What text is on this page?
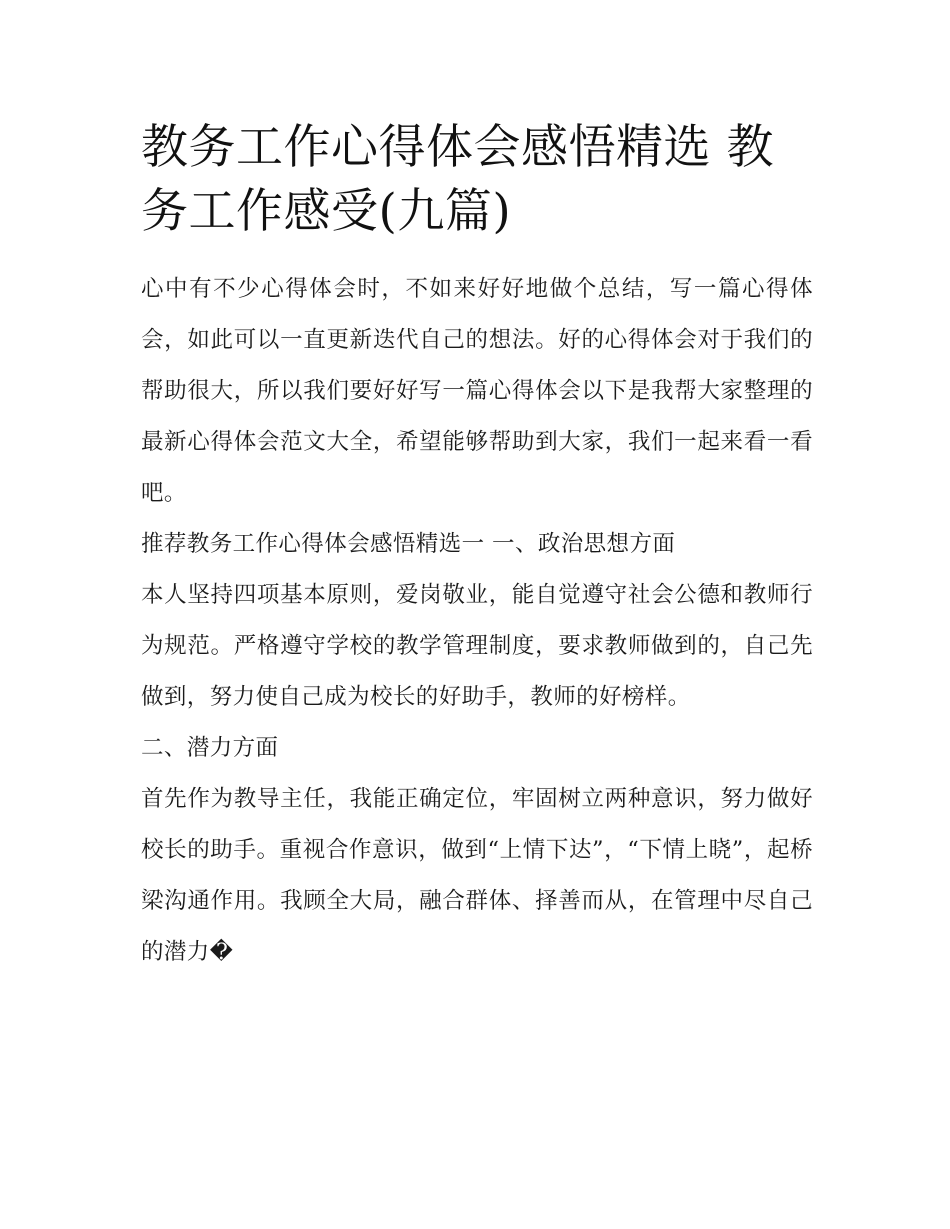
教务工作心得体会感悟精选 教务工作感受(九篇)

心中有不少心得体会时，不如来好好地做个总结，写一篇心得体会，如此可以一直更新迭代自己的想法。好的心得体会对于我们的帮助很大，所以我们要好好写一篇心得体会以下是我帮大家整理的最新心得体会范文大全，希望能够帮助到大家，我们一起来看一看吧。

推荐教务工作心得体会感悟精选一 一、政治思想方面

本人坚持四项基本原则，爱岗敬业，能自觉遵守社会公德和教师行为规范。严格遵守学校的教学管理制度，要求教师做到的，自己先做到，努力使自己成为校长的好助手，教师的好榜样。

二、潜力方面

首先作为教导主任，我能正确定位，牢固树立两种意识，努力做好校长的助手。重视合作意识，做到“上情下达”，“下情上晓”，起桥梁沟通作用。我顾全大局，融合群体、择善而从，在管理中尽自己的潜力�
